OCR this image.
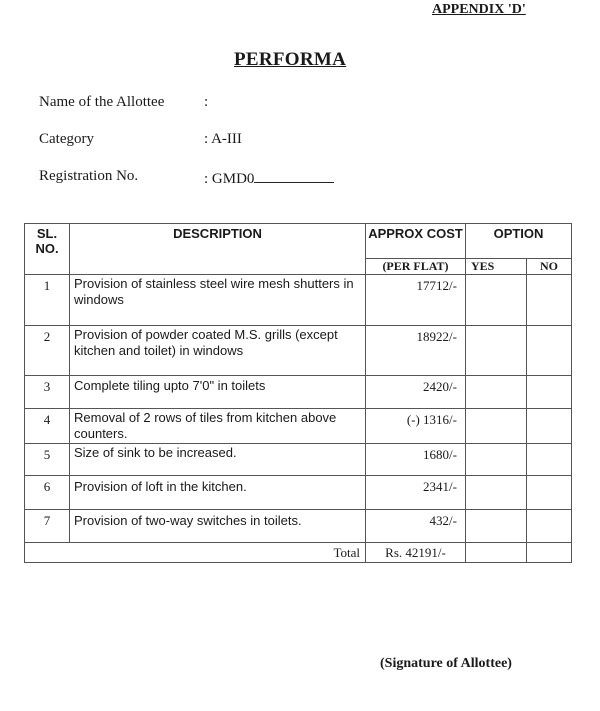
APPENDIX 'D'
PERFORMA
Name of the Allottee	:
Category	: A-III
Registration No.	: GMD0
SL. NO.	DESCRIPTION	APPROX COST	OPTION	
		(PER FLAT)	YES	NO
1	Provision of stainless steel wire mesh shutters in windows	17712/-		
2	Provision of powder coated M.S. grills (except kitchen and toilet) in windows	18922/-		
3	Complete tiling upto 7'0" in toilets	2420/-		
4	Removal of 2 rows of tiles from kitchen above counters.	(-) 1316/-		
5	Size of sink to be increased.	1680/-		
6	Provision of loft in the kitchen.	2341/-		
7	Provision of two-way switches in toilets.	432/-		
Total		Rs. 42191/-		
(Signature of Allottee)
